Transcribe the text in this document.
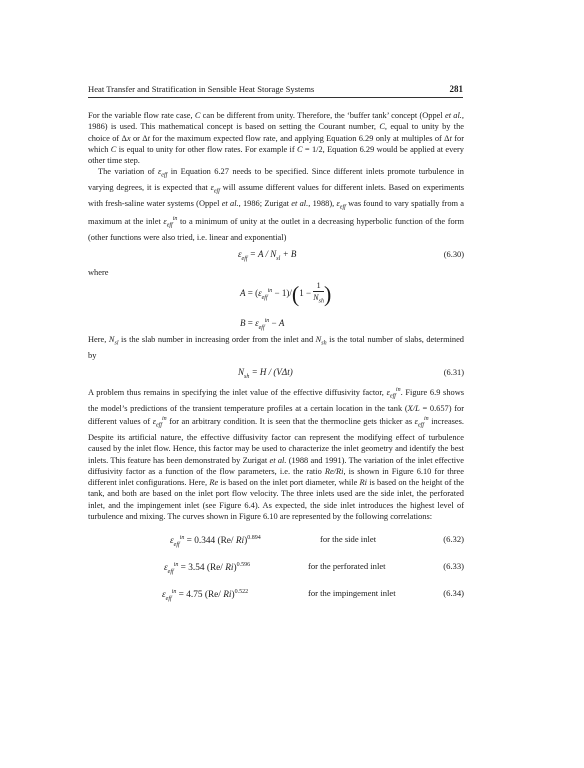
Heat Transfer and Stratification in Sensible Heat Storage Systems	281

For the variable flow rate case, C can be different from unity. Therefore, the ‘buffer tank’ concept (Oppel et al., 1986) is used. This mathematical concept is based on setting the Courant number, C, equal to unity by the choice of Δx or Δt for the maximum expected flow rate, and applying Equation 6.29 only at multiples of Δt for which C is equal to unity for other flow rates. For example if C = 1/2, Equation 6.29 would be applied at every other time step.

The variation of $\varepsilon_{eff}$ in Equation 6.27 needs to be specified. Since different inlets promote turbulence in varying degrees, it is expected that $\varepsilon_{eff}$ will assume different values for different inlets. Based on experiments with fresh-saline water systems (Oppel et al., 1986; Zurigat et al., 1988), $\varepsilon_{eff}$ was found to vary spatially from a maximum at the inlet $\varepsilon_{eff}^{in}$ to a minimum of unity at the outlet in a decreasing hyperbolic function of the form (other functions were also tried, i.e. linear and exponential)

$\varepsilon_{eff} = A / N_{sl} + B$	(6.30)

where

$A = (\varepsilon_{eff}^{in} - 1)/(1 - \frac{1}{N_{sh}}$ )
$B = \varepsilon_{eff}^{in} - A$

Here, $N_{sl}$ is the slab number in increasing order from the inlet and $N_{sh}$ is the total number of slabs, determined by

$N_{sh} = H / (V\Delta t)$	(6.31)

A problem thus remains in specifying the inlet value of the effective diffusivity factor, $\varepsilon_{eff}^{in}$. Figure 6.9 shows the model’s predictions of the transient temperature profiles at a certain location in the tank (X/L = 0.657) for different values of $\varepsilon_{eff}^{in}$ for an arbitrary condition. It is seen that the thermocline gets thicker as $\varepsilon_{eff}^{in}$ increases. Despite its artificial nature, the effective diffusivity factor can represent the modifying effect of turbulence caused by the inlet flow. Hence, this factor may be used to characterize the inlet geometry and identify the best inlets. This feature has been demonstrated by Zurigat et al. (1988 and 1991). The variation of the inlet effective diffusivity factor as a function of the flow parameters, i.e. the ratio Re/Ri, is shown in Figure 6.10 for three different inlet configurations. Here, Re is based on the inlet port diameter, while Ri is based on the height of the tank, and both are based on the inlet port flow velocity. The three inlets used are the side inlet, the perforated inlet, and the impingement inlet (see Figure 6.4). As expected, the side inlet introduces the highest level of turbulence and mixing. The curves shown in Figure 6.10 are represented by the following correlations:

$\varepsilon_{eff}^{in} = 0.344$ (Re/ Ri)$^{0.894}$	for the side inlet	(6.32)
$\varepsilon_{eff}^{in} = 3.54$ (Re/ Ri)$^{0.596}$	for the perforated inlet	(6.33)
$\varepsilon_{eff}^{in} = 4.75$ (Re/ Ri)$^{0.522}$	for the impingement inlet	(6.34)
